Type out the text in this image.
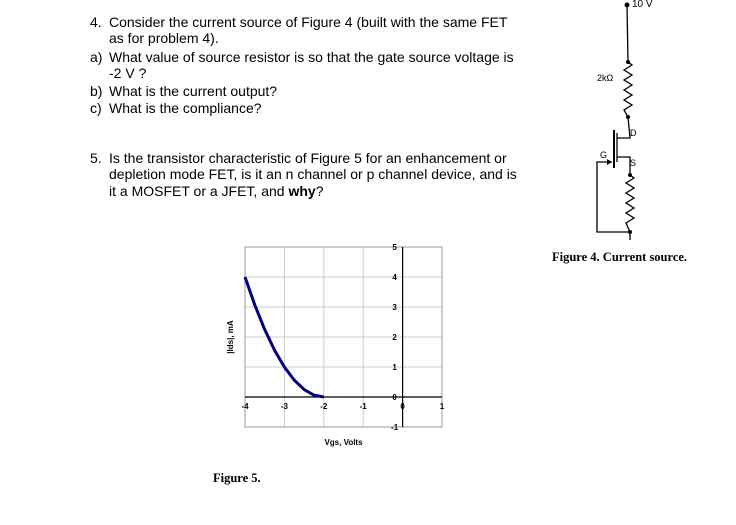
4. Consider the current source of Figure 4 (built with the same FET
as for problem 4).
a) What value of source resistor is so that the gate source voltage is
-2 V ?
b) What is the current output?
c) What is the compliance?
5. Is the transistor characteristic of Figure 5 for an enhancement or
depletion mode FET, is it an n channel or p channel device, and is
it a MOSFET or a JFET, and why?
Figure 4. Current source.
Figure 5.
10 V
2kΩ
D
G
S
-4	-3	-2	-1	0	1
-1
0
1
2
3
4
5
Vgs, Volts
|Ids|, mA
